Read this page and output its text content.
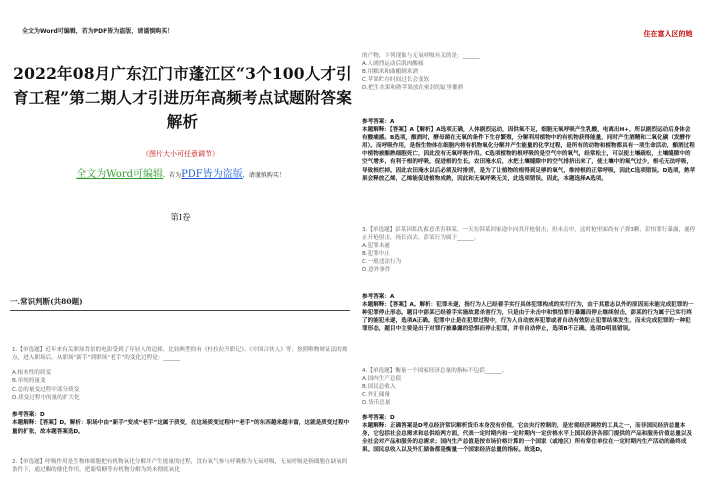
全文为Word可编辑，若为PDF皆为盗版，请谨慎购买！
2022年08月广东江门市蓬江区“3个100人才引育工程”第二期人才引进历年高频考点试题附答案解析
（图片大小可任意调节）
全文为Word可编辑，若为PDF皆为盗版，请谨慎购买！
第I卷
一.常识判断(共80题)
1.【单选题】近年来有关职场背景的电影受到了年轻人的追捧，比较典型的有《杜拉拉升职记》、《中国合伙人》等，按照唯物辩证法的观点，进入职场后，从职场“新手”到职场“老手”的变化过程是：______
A.根本性的质变
B.单纯的量变
C.总的量变过程中部分质变
D.质变过程中的量的扩大化
参考答案：D
本题解释：【答案】D。解析：职场中由“新手”变成“老手”这属于质变，在这场质变过程中“老手”的东西越来越丰富，这就是质变过程中量的扩张，故本题答案选D。
2.【单选题】呼吸作用是生物体细胞把有机物氧化分解并产生能量的过程，没有氧气参与呼吸称为无氧呼吸，无氧呼吸是指细胞在缺氧的条件下，通过酶的催化作用，把葡萄糖等有机物分解为尚未彻底氧化
住在富人区的她
的产物，下列现象与无氧呼吸有关的是：______
A.人剧烈运动后肌肉酸痛
B.用糯米和曲酿制米酒
C.苹果贮存时间过长会变软
D.把生水果和熟苹果放在密封的缸里催熟
参考答案：A
本题解释：【答案】A【解析】A选项正确，人体剧烈运动，因供氧不足，细胞无氧呼吸产生乳酸，电离出H+，所以剧烈运动后身体会有酸痛感。B选项，酿酒时，酵母菌在无氧的条件下生存繁殖，分解利用植物中的有机物获得能量，同时产生酒精和二氧化碳（发酵作用）。而呼吸作用，是指生物体在细胞内将有机物氧化分解并产生能量的化学过程，是所有的动物和植物都具有一项生命活动，酿酒过程中植物被酿熟细胞死亡，因此没有无氧呼吸作用。C选项植物的根呼吸的是空气中的氧气，经常松土，可以使土壤疏松，土壤缝隙中的空气增多，有利于根的呼吸，促进根的生长。农田淹水后，水把土壤缝隙中的空气排挤出来了，使土壤中的氧气过少，根毛无法呼吸，导致根烂掉。因此农田淹水以后必须及时排涝，是为了让植物的根得到足够的氧气，维持根的正常呼吸，因此C选项错误。D选项，熟苹果会释放乙烯，乙烯能促进植物成熟，因此和无氧呼吸无关，此选项错误。因此，本题选择A选项。
3.【单选题】彭某因私仇蓄意杀害韩某。一天在韩某回家途中向其开枪射击，但未击中。这时枪里面尚有子弹3颗，彭怕罪行暴露，遂停止开枪射击，扬长而去。彭某行为属于______。
A.犯罪未遂
B.犯罪中止
C.一般违法行为
D.意外事件
参考答案：A
本题解释：【答案】A。解析：犯罪未遂，指行为人已经着手实行具体犯罪构成的实行行为，由于其意志以外的原因而未能完成犯罪的一种犯罪停止形态。题目中彭某已经着手实施故意杀害行为，只是由于未击中和惧怕罪行暴露而停止继续射击，彭某的行为属于已实行终了的能犯未遂，选项A正确。犯罪中止是在犯罪过程中，行为人自动放弃犯罪或者自动有效防止犯罪结果发生，而未完成犯罪的一种犯罪形态，题目中主要是出于对罪行被暴露的恐惧而停止犯罪，并非自动停止，选项B不正确。选项D明显错误。
4.【单选题】衡量一个国家经济总量的指标不包括______。
A.国内生产总值
B.国民总收入
C.外汇储备
D.货币总量
参考答案：D
本题解释：正确答案是D考点经济常识解析货币本身没有价值，它由央行控制的，是宏观经济调控的工具之一，而非国民经济总量本身，它包括社会总需求和总供给两方面，代表一定时期内和一定时期内一定价格水平上国民经济各部门提供的产品和服务价值总量以及全社会对产品和服务的总需求；国内生产总值是按市场价格计算的一个国家（或地区）所有常住单位在一定时期内生产活动的最终成果。国民总收入以及外汇储备都是衡量一个国家经济总量的指标。故选D。
